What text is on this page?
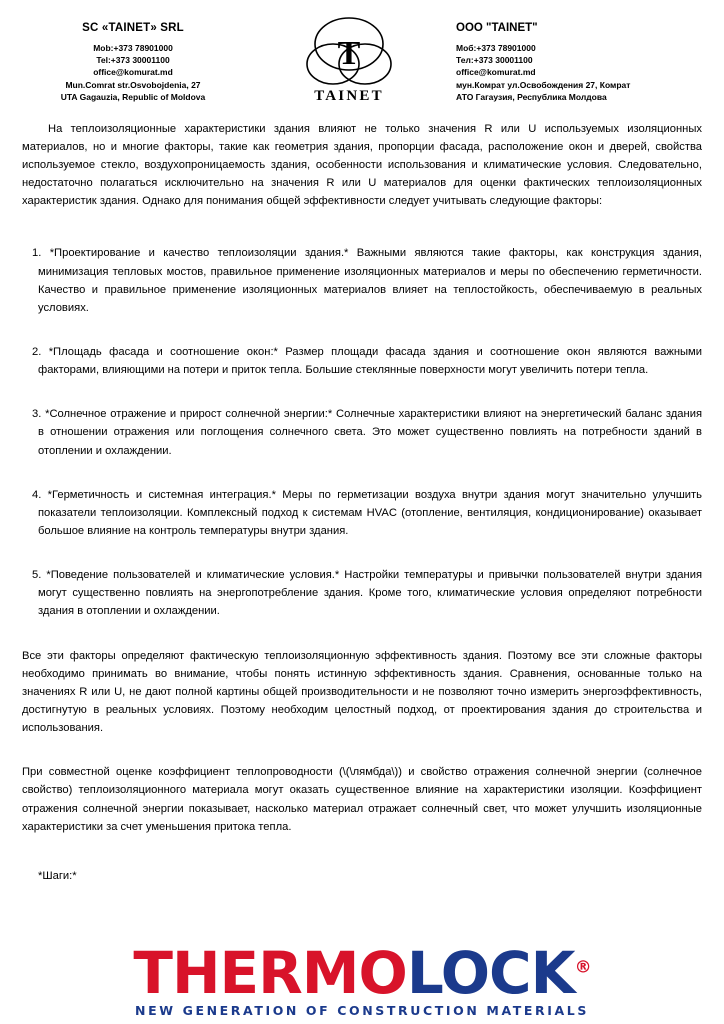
SC «TAINET» SRL
Mob:+373 78901000
Tel:+373 30001100
office@komurat.md
Mun.Comrat str.Osvobojdenia, 27
UTA Gagauzia, Republic of Moldova
T
TAINET
ООО "TAINET"
Моб:+373 78901000
Тел:+373 30001100
office@komurat.md
мун.Комрат ул.Освобождения 27, Комрат
АТО Гагаузия, Республика Молдова

На теплоизоляционные характеристики здания влияют не только значения R или U используемых изоляционных материалов, но и многие факторы, такие как геометрия здания, пропорции фасада, расположение окон и дверей, свойства используемое стекло, воздухопроницаемость здания, особенности использования и климатические условия. Следовательно, недостаточно полагаться исключительно на значения R или U материалов для оценки фактических теплоизоляционных характеристик здания. Однако для понимания общей эффективности следует учитывать следующие факторы:

1. *Проектирование и качество теплоизоляции здания.* Важными являются такие факторы, как конструкция здания, минимизация тепловых мостов, правильное применение изоляционных материалов и меры по обеспечению герметичности. Качество и правильное применение изоляционных материалов влияет на теплостойкость, обеспечиваемую в реальных условиях.

2. *Площадь фасада и соотношение окон:* Размер площади фасада здания и соотношение окон являются важными факторами, влияющими на потери и приток тепла. Большие стеклянные поверхности могут увеличить потери тепла.

3. *Солнечное отражение и прирост солнечной энергии:* Солнечные характеристики влияют на энергетический баланс здания в отношении отражения или поглощения солнечного света. Это может существенно повлиять на потребности зданий в отоплении и охлаждении.

4. *Герметичность и системная интеграция.* Меры по герметизации воздуха внутри здания могут значительно улучшить показатели теплоизоляции. Комплексный подход к системам HVAC (отопление, вентиляция, кондиционирование) оказывает большое влияние на контроль температуры внутри здания.

5. *Поведение пользователей и климатические условия.* Настройки температуры и привычки пользователей внутри здания могут существенно повлиять на энергопотребление здания. Кроме того, климатические условия определяют потребности здания в отоплении и охлаждении.

Все эти факторы определяют фактическую теплоизоляционную эффективность здания. Поэтому все эти сложные факторы необходимо принимать во внимание, чтобы понять истинную эффективность здания. Сравнения, основанные только на значениях R или U, не дают полной картины общей производительности и не позволяют точно измерить энергоэффективность, достигнутую в реальных условиях. Поэтому необходим целостный подход, от проектирования здания до строительства и использования.

При совместной оценке коэффициент теплопроводности (\(\лямбда\)) и свойство отражения солнечной энергии (солнечное свойство) теплоизоляционного материала могут оказать существенное влияние на характеристики изоляции. Коэффициент отражения солнечной энергии показывает, насколько материал отражает солнечный свет, что может улучшить изоляционные характеристики за счет уменьшения притока тепла.

*Шаги:*
THERMOLOCK®
NEW GENERATION OF CONSTRUCTION MATERIALS
